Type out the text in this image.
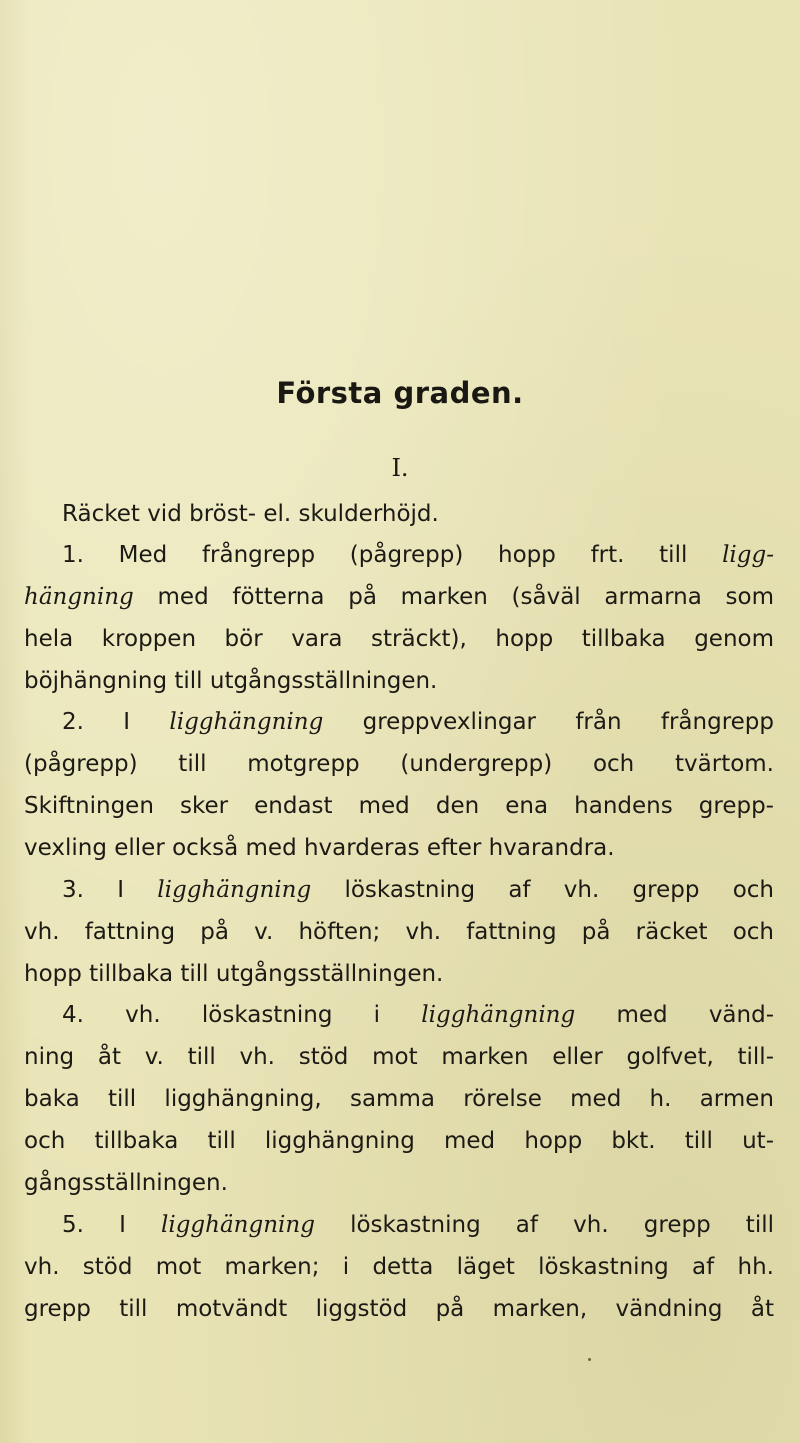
Första graden.
I.
Räcket vid bröst- el. skulderhöjd.
1. Med frångrepp (pågrepp) hopp frt. till ligg-
hängning med fötterna på marken (såväl armarna som
hela kroppen bör vara sträckt), hopp tillbaka genom
böjhängning till utgångsställningen.
2. I ligghängning greppvexlingar från frångrepp
(pågrepp) till motgrepp (undergrepp) och tvärtom.
Skiftningen sker endast med den ena handens grepp-
vexling eller också med hvarderas efter hvarandra.
3. I ligghängning löskastning af vh. grepp och
vh. fattning på v. höften; vh. fattning på räcket och
hopp tillbaka till utgångsställningen.
4. vh. löskastning i ligghängning med vänd-
ning åt v. till vh. stöd mot marken eller golfvet, till-
baka till ligghängning, samma rörelse med h. armen
och tillbaka till ligghängning med hopp bkt. till ut-
gångsställningen.
5. I ligghängning löskastning af vh. grepp till
vh. stöd mot marken; i detta läget löskastning af hh.
grepp till motvändt liggstöd på marken, vändning åt
